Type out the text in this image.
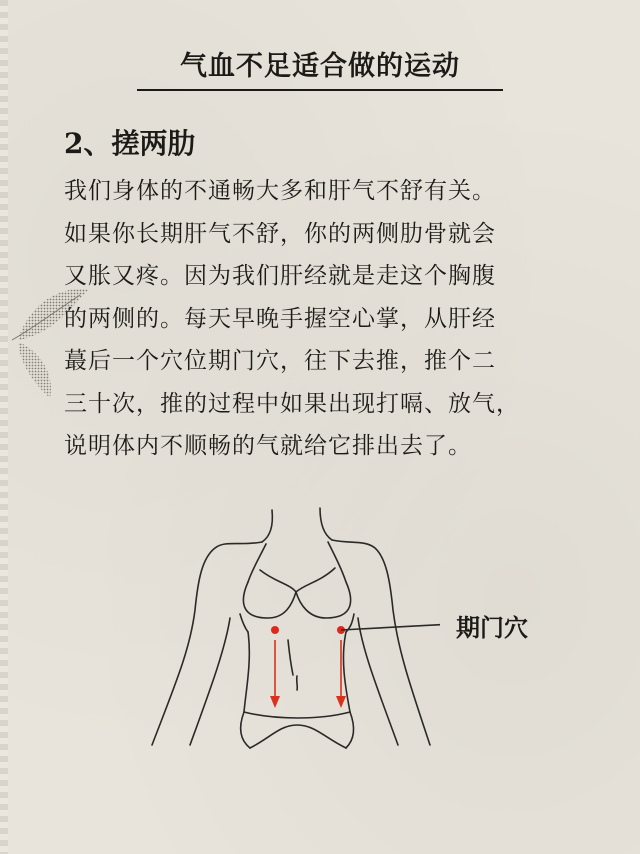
气血不足适合做的运动
2、搓两肋

我们身体的不通畅大多和肝气不舒有关。

如果你长期肝气不舒，你的两侧肋骨就会

又胀又疼。因为我们肝经就是走这个胸腹

的两侧的。每天早晚手握空心掌，从肝经

蕞后一个穴位期门穴，往下去推，推个二

三十次，推的过程中如果出现打嗝、放气，

说明体内不顺畅的气就给它排出去了。

期门穴
